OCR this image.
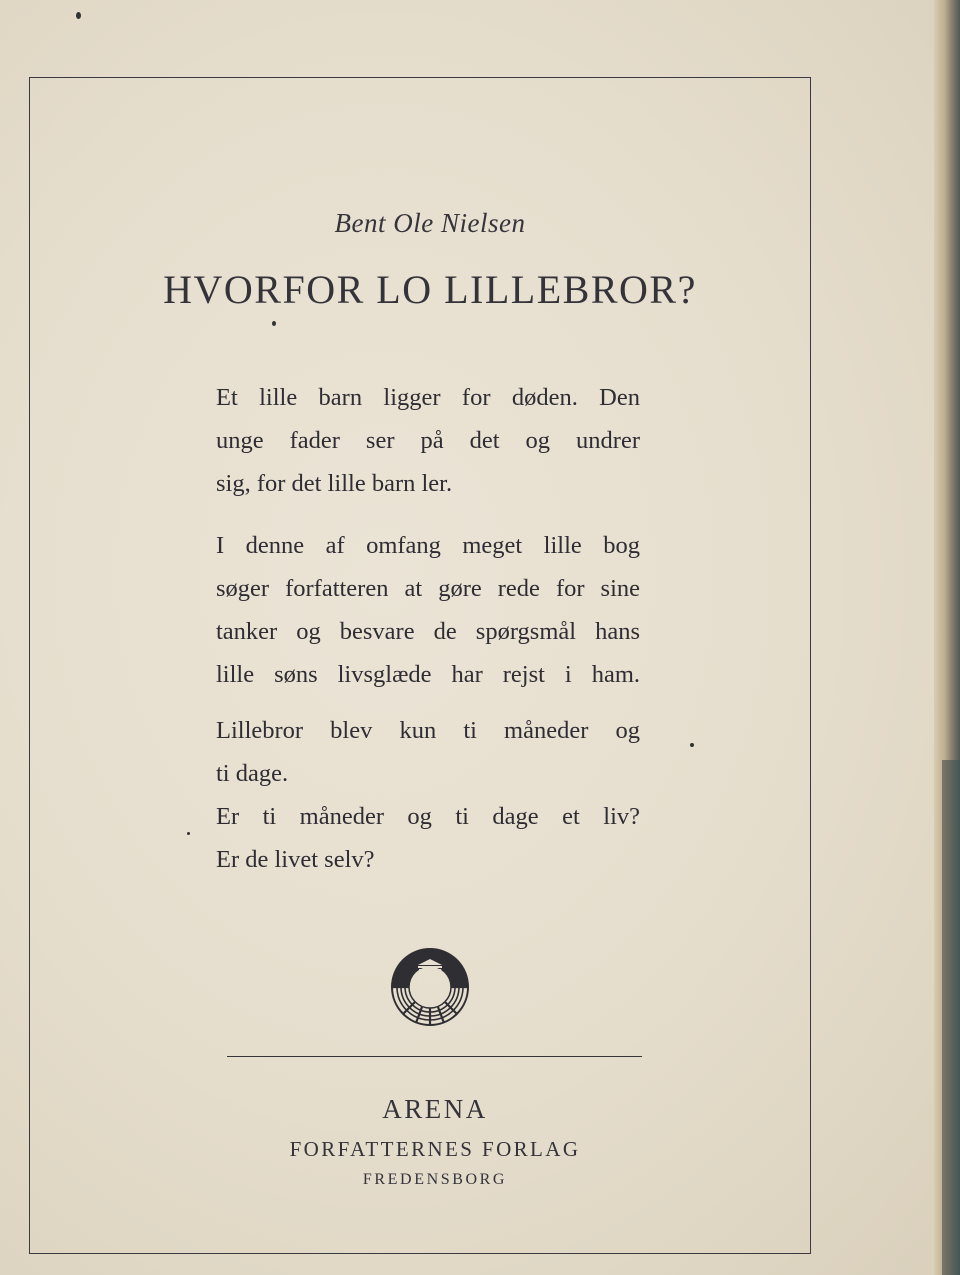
Bent Ole Nielsen
HVORFOR LO LILLEBROR?
Et lille barn ligger for døden. Den
unge fader ser på det og undrer
sig, for det lille barn ler.
I denne af omfang meget lille bog
søger forfatteren at gøre rede for sine
tanker og besvare de spørgsmål hans
lille søns livsglæde har rejst i ham.
Lillebror blev kun ti måneder og
ti dage.
Er ti måneder og ti dage et liv?
Er de livet selv?
ARENA
FORFATTERNES FORLAG
FREDENSBORG
